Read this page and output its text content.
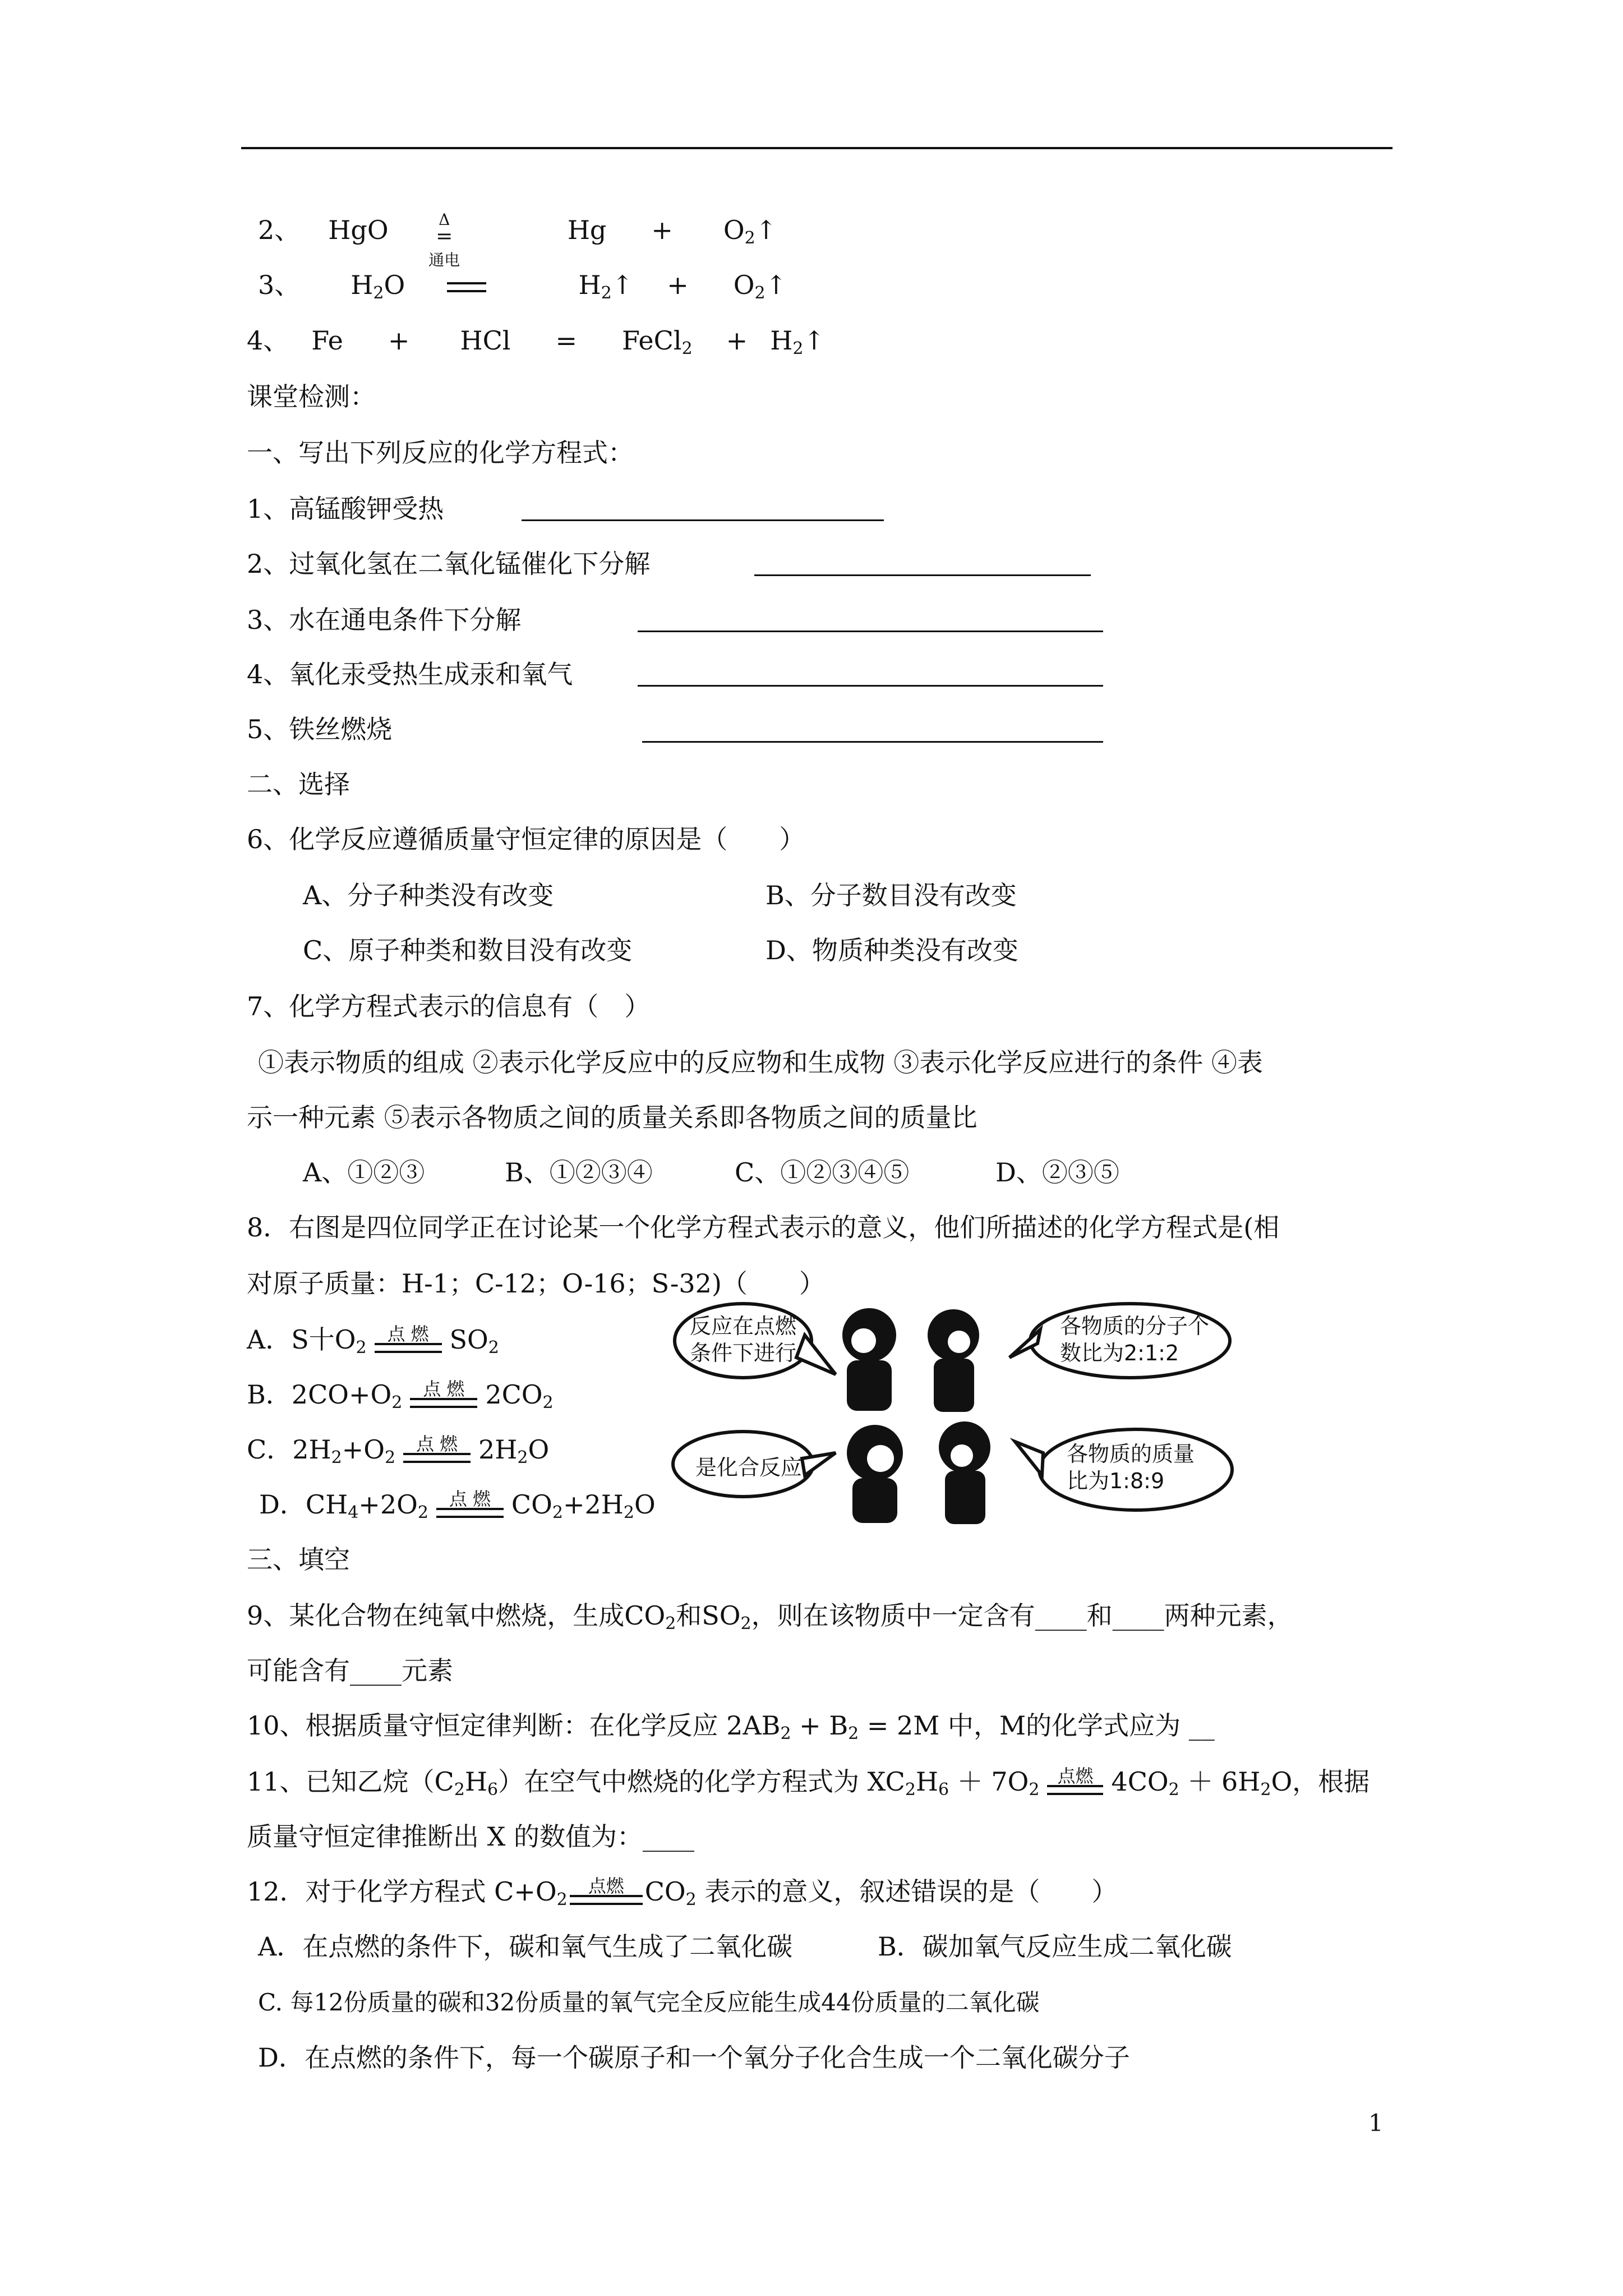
2、 HgO	Δ
=
通电
$Hg + O_2↑$
3、 $H_2O$	$H_2↑$ + $O_2↑$
4、 Fe + HCl = FeCl$_2$ + $H_2↑$
课堂检测：
一、写出下列反应的化学方程式：
1、高锰酸钾受热
2、过氧化氢在二氧化锰催化下分解
3、水在通电条件下分解
4、氧化汞受热生成汞和氧气
5、铁丝燃烧
二、选择
6、化学反应遵循质量守恒定律的原因是（　　）
A、分子种类没有改变	B、分子数目没有改变
C、原子种类和数目没有改变	D、物质种类没有改变
7、化学方程式表示的信息有（　）
①表示物质的组成 ②表示化学反应中的反应物和生成物 ③表示化学反应进行的条件 ④表
示一种元素 ⑤表示各物质之间的质量关系即各物质之间的质量比
A、①②③	B、①②③④	C、①②③④⑤	D、②③⑤
8．右图是四位同学正在讨论某一个化学方程式表示的意义，他们所描述的化学方程式是(相
对原子质量：H-1；C-12；O-16；S-32)（　　）
A．S十$O_2$
点 燃 $SO_2$
B．$2CO+O_2$
点 燃 $2CO_2$
C．$2H_2+O_2$
点 燃 $2H_2O$
D．$CH_4+2O_2$
点 燃 $CO_2+2H_2O$
反应在点燃条件下进行
各物质的分子个数比为2:1:2
是化合反应
各物质的质量比为1:8:9
三、填空
9、某化合物在纯氧中燃烧，生成$CO_2$和$SO_2$，则在该物质中一定含有____和____两种元素，
可能含有____元素
10、根据质量守恒定律判断：在化学反应 $2AB_2 + B_2 = 2M$ 中，M的化学式应为 __
11、已知乙烷$(C_2H_6)$在空气中燃烧的化学方程式为 $XC_2H_6 + 7O_2$
点燃 $4CO_2 + 6H_2O$，根据
质量守恒定律推断出 X 的数值为：____
12．对于化学方程式 $C+O_2$
点燃 $CO_2$ 表示的意义，叙述错误的是（　　）
A．在点燃的条件下，碳和氧气生成了二氧化碳	B．碳加氧气反应生成二氧化碳
C. 每12份质量的碳和32份质量的氧气完全反应能生成44份质量的二氧化碳
D．在点燃的条件下，每一个碳原子和一个氧分子化合生成一个二氧化碳分子
1
